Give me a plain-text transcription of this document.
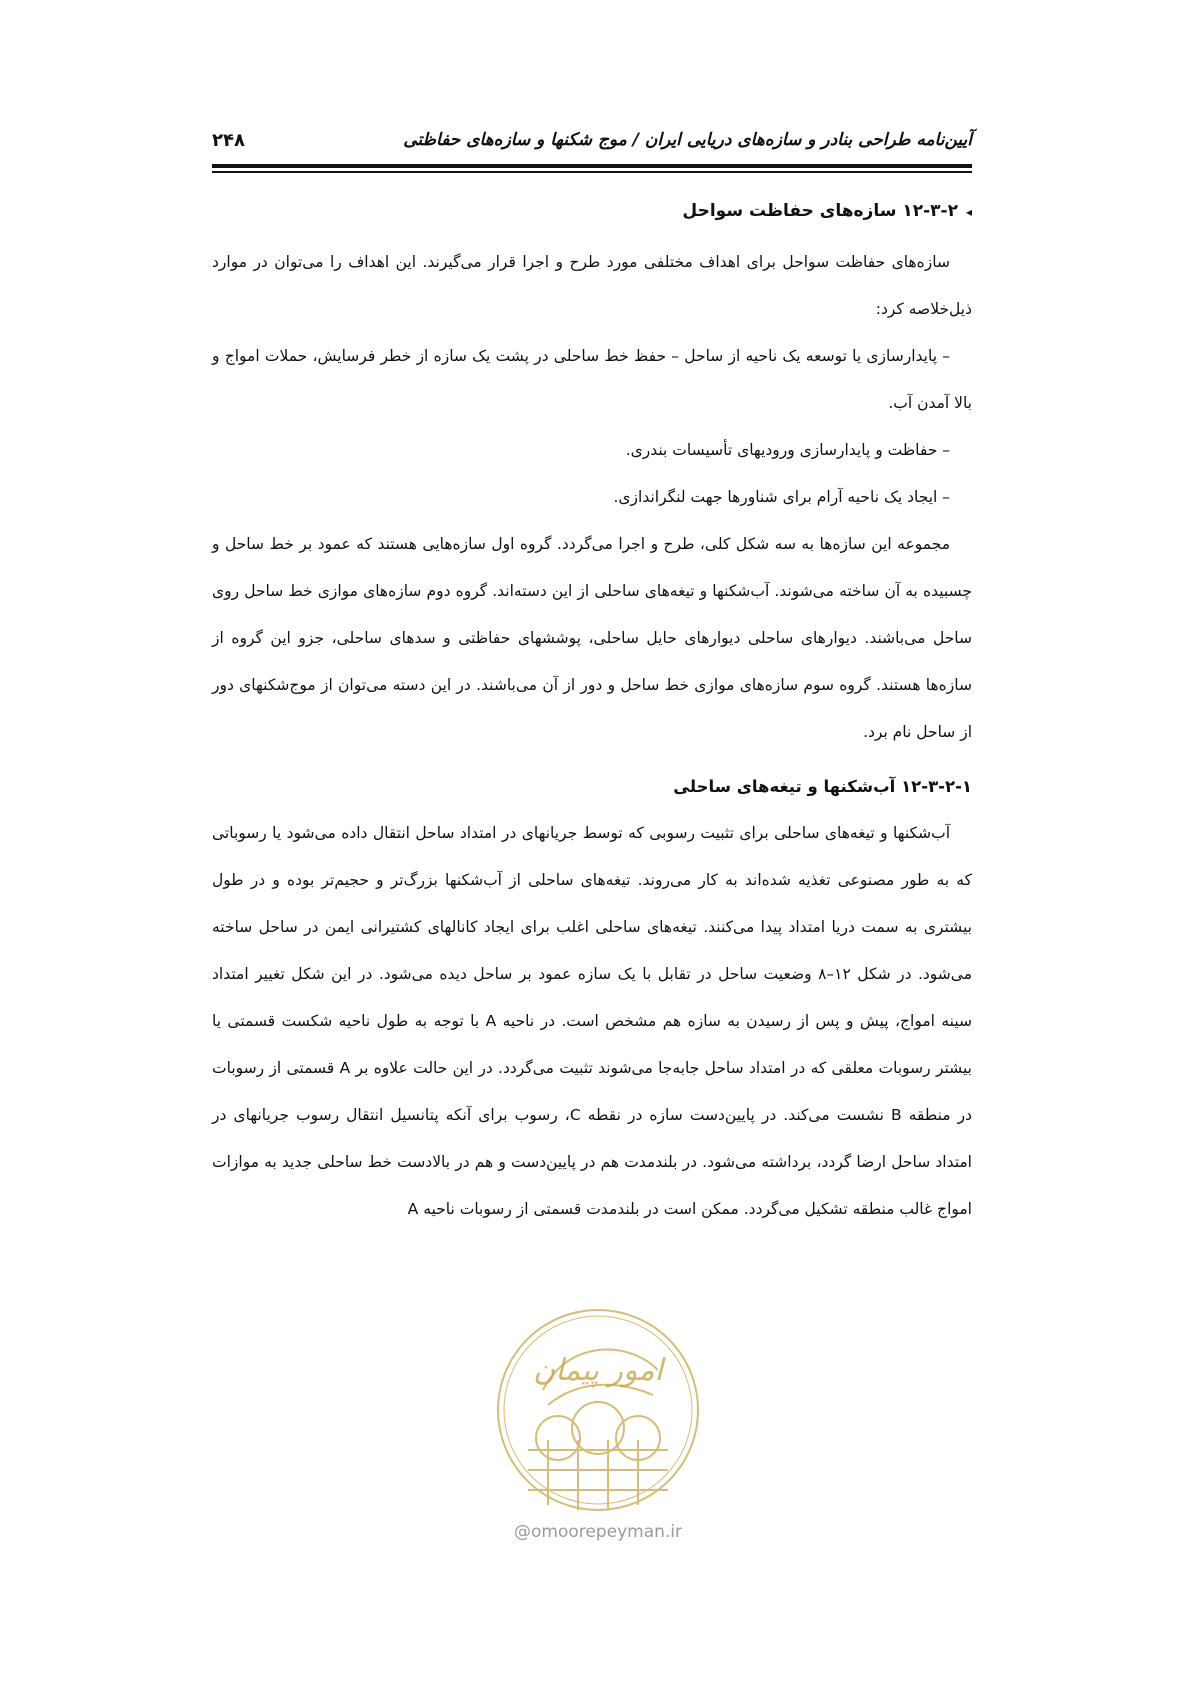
آیین‌نامه طراحی بنادر و سازه‌های دریایی ایران / موج شکنها و سازه‌های حفاظتی
۲۴۸
◂۱۲-۳-۲ سازه‌های حفاظت سواحل

سازه‌های حفاظت سواحل برای اهداف مختلفی مورد طرح و اجرا قرار می‌گیرند. این اهداف را می‌توان در موارد ذیل‌خلاصه کرد:

– پایدارسازی یا توسعه یک ناحیه از ساحل – حفظ خط ساحلی در پشت یک سازه از خطر فرسایش، حملات امواج و بالا آمدن آب.

– حفاظت و پایدارسازی ورودیهای تأسیسات بندری.

– ایجاد یک ناحیه آرام برای شناورها جهت لنگراندازی.

مجموعه این سازه‌ها به سه شکل کلی، طرح و اجرا می‌گردد. گروه اول سازه‌هایی هستند که عمود بر خط ساحل و چسبیده به آن ساخته می‌شوند. آب‌شکنها و تیغه‌های ساحلی از این دسته‌اند. گروه دوم سازه‌های موازی خط ساحل روی ساحل می‌باشند. دیوارهای ساحلی دیوارهای حایل ساحلی، پوششهای حفاظتی و سدهای ساحلی، جزو این گروه از سازه‌ها هستند. گروه سوم سازه‌های موازی خط ساحل و دور از آن می‌باشند. در این دسته می‌توان از موج‌شکنهای دور از ساحل نام برد.

۱۲-۳-۲-۱ آب‌شکنها و تیغه‌های ساحلی

آب‌شکنها و تیغه‌های ساحلی برای تثبیت رسوبی که توسط جریانهای در امتداد ساحل انتقال داده می‌شود یا رسوباتی که به طور مصنوعی تغذیه شده‌اند به کار می‌روند. تیغه‌های ساحلی از آب‌شکنها بزرگ‌تر و حجیم‌تر بوده و در طول بیشتری به سمت دریا امتداد پیدا می‌کنند. تیغه‌های ساحلی اغلب برای ایجاد کانالهای کشتیرانی ایمن در ساحل ساخته می‌شود. در شکل ۱۲–۸ وضعیت ساحل در تقابل با یک سازه عمود بر ساحل دیده می‌شود. در این شکل تغییر امتداد سینه امواج، پیش و پس از رسیدن به سازه هم مشخص است. در ناحیه A با توجه به طول ناحیه شکست قسمتی یا بیشتر رسوبات معلقی که در امتداد ساحل جابه‌جا می‌شوند تثبیت می‌گردد. در این حالت علاوه بر A قسمتی از رسوبات در منطقه B نشست می‌کند. در پایین‌دست سازه در نقطه C، رسوب برای آنکه پتانسیل انتقال رسوب جریانهای در امتداد ساحل ارضا گردد، برداشته می‌شود. در بلندمدت هم در پایین‌دست و هم در بالادست خط ساحلی جدید به موازات امواج غالب منطقه تشکیل می‌گردد. ممکن است در بلندمدت قسمتی از رسوبات ناحیه A

امور پیمان
@omoorepeyman.ir
